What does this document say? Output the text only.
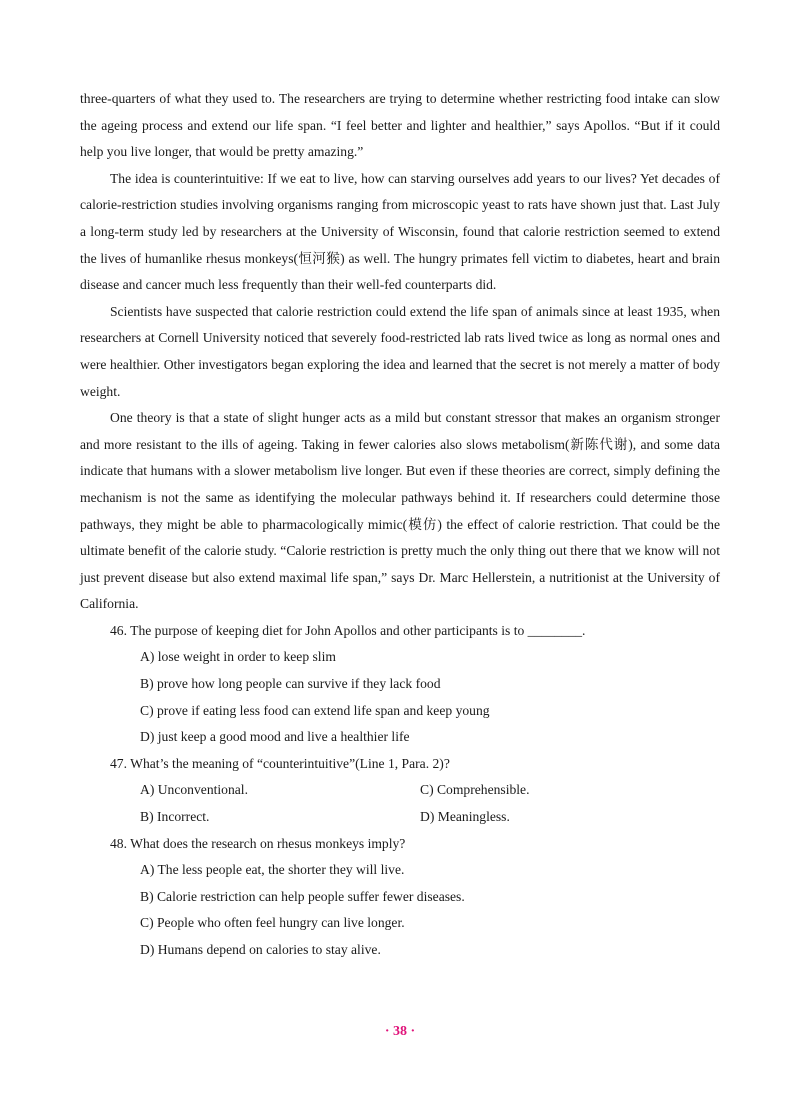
three-quarters of what they used to. The researchers are trying to determine whether restricting food intake can slow the ageing process and extend our life span. “I feel better and lighter and healthier,” says Apollos. “But if it could help you live longer, that would be pretty amazing.”

The idea is counterintuitive: If we eat to live, how can starving ourselves add years to our lives? Yet decades of calorie-restriction studies involving organisms ranging from microscopic yeast to rats have shown just that. Last July a long-term study led by researchers at the University of Wisconsin, found that calorie restriction seemed to extend the lives of humanlike rhesus monkeys(恒河猴) as well. The hungry primates fell victim to diabetes, heart and brain disease and cancer much less frequently than their well-fed counterparts did.

Scientists have suspected that calorie restriction could extend the life span of animals since at least 1935, when researchers at Cornell University noticed that severely food-restricted lab rats lived twice as long as normal ones and were healthier. Other investigators began exploring the idea and learned that the secret is not merely a matter of body weight.

One theory is that a state of slight hunger acts as a mild but constant stressor that makes an organism stronger and more resistant to the ills of ageing. Taking in fewer calories also slows metabolism(新陈代谢), and some data indicate that humans with a slower metabolism live longer. But even if these theories are correct, simply defining the mechanism is not the same as identifying the molecular pathways behind it. If researchers could determine those pathways, they might be able to pharmacologically mimic(模仿) the effect of calorie restriction. That could be the ultimate benefit of the calorie study. “Calorie restriction is pretty much the only thing out there that we know will not just prevent disease but also extend maximal life span,” says Dr. Marc Hellerstein, a nutritionist at the University of California.

46. The purpose of keeping diet for John Apollos and other participants is to ________.

A) lose weight in order to keep slim

B) prove how long people can survive if they lack food

C) prove if eating less food can extend life span and keep young

D) just keep a good mood and live a healthier life

47. What’s the meaning of “counterintuitive”(Line 1, Para. 2)?

A) Unconventional.	C) Comprehensible.
B) Incorrect.	D) Meaningless.

48. What does the research on rhesus monkeys imply?

A) The less people eat, the shorter they will live.

B) Calorie restriction can help people suffer fewer diseases.

C) People who often feel hungry can live longer.

D) Humans depend on calories to stay alive.

· 38 ·
